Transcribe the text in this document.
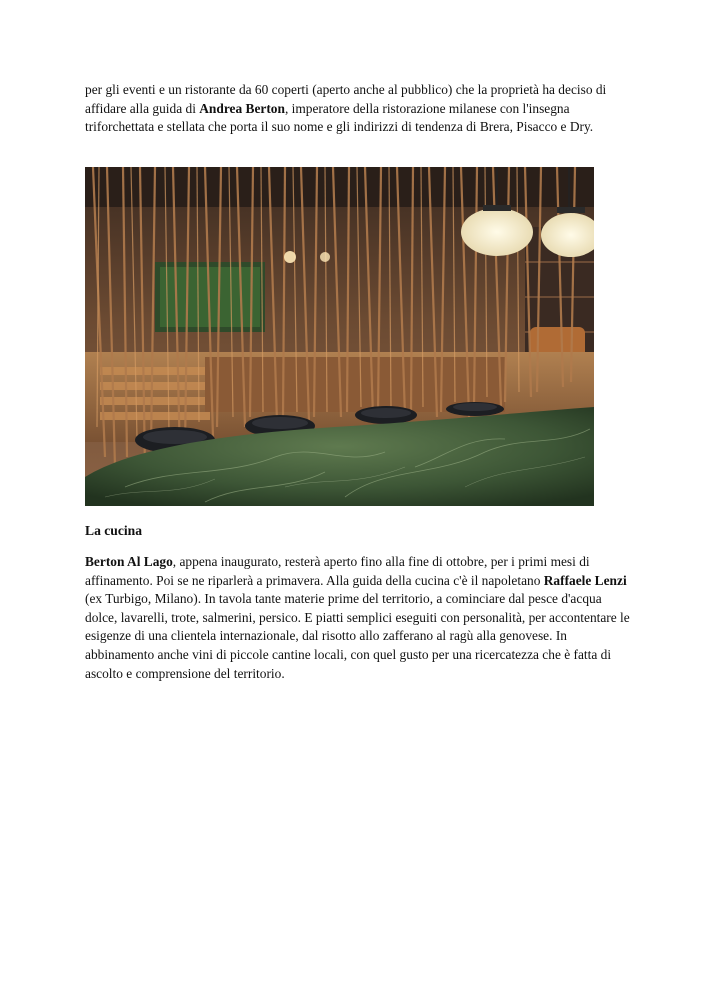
per gli eventi e un ristorante da 60 coperti (aperto anche al pubblico) che la proprietà ha deciso di affidare alla guida di Andrea Berton, imperatore della ristorazione milanese con l'insegna triforchettata e stellata che porta il suo nome e gli indirizzi di tendenza di Brera, Pisacco e Dry.

La cucina

Berton Al Lago, appena inaugurato, resterà aperto fino alla fine di ottobre, per i primi mesi di affinamento. Poi se ne riparlerà a primavera. Alla guida della cucina c'è il napoletano Raffaele Lenzi (ex Turbigo, Milano). In tavola tante materie prime del territorio, a cominciare dal pesce d'acqua dolce, lavarelli, trote, salmerini, persico. E piatti semplici eseguiti con personalità, per accontentare le esigenze di una clientela internazionale, dal risotto allo zafferano al ragù alla genovese. In abbinamento anche vini di piccole cantine locali, con quel gusto per una ricercatezza che è fatta di ascolto e comprensione del territorio.
